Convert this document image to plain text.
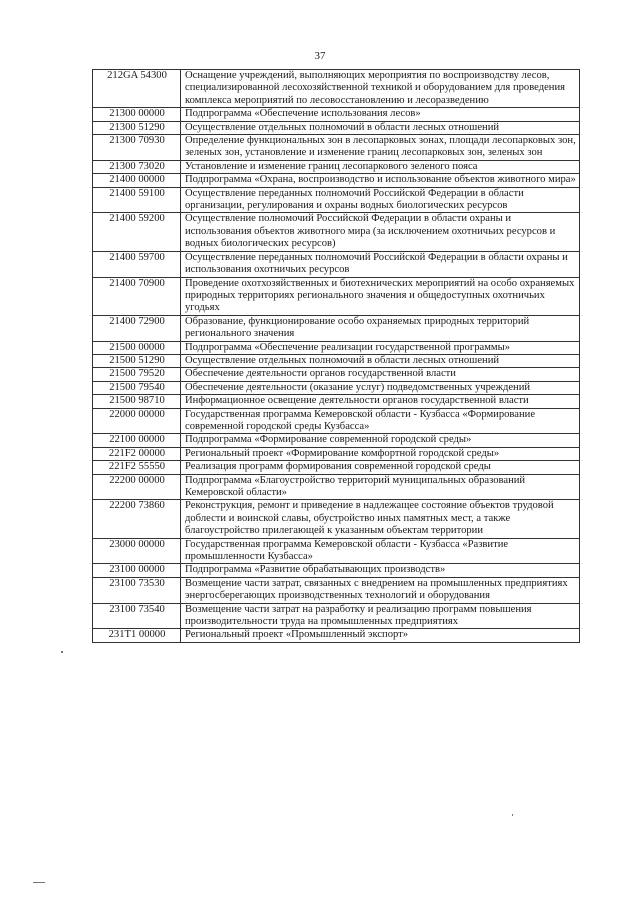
37
212GA 54300	Оснащение учреждений, выполняющих мероприятия по воспроизводству лесов, специализированной лесохозяйственной техникой и оборудованием для проведения комплекса мероприятий по лесовосстановлению и лесоразведению
21300 00000	Подпрограмма «Обеспечение использования лесов»
21300 51290	Осуществление отдельных полномочий в области лесных отношений
21300 70930	Определение функциональных зон в лесопарковых зонах, площади лесопарковых зон, зеленых зон, установление и изменение границ лесопарковых зон, зеленых зон
21300 73020	Установление и изменение границ лесопаркового зеленого пояса
21400 00000	Подпрограмма «Охрана, воспроизводство и использование объектов животного мира»
21400 59100	Осуществление переданных полномочий Российской Федерации в области организации, регулирования и охраны водных биологических ресурсов
21400 59200	Осуществление полномочий Российской Федерации в области охраны и использования объектов животного мира (за исключением охотничьих ресурсов и водных биологических ресурсов)
21400 59700	Осуществление переданных полномочий Российской Федерации в области охраны и использования охотничьих ресурсов
21400 70900	Проведение охотхозяйственных и биотехнических мероприятий на особо охраняемых природных территориях регионального значения и общедоступных охотничьих угодьях
21400 72900	Образование, функционирование особо охраняемых природных территорий регионального значения
21500 00000	Подпрограмма «Обеспечение реализации государственной программы»
21500 51290	Осуществление отдельных полномочий в области лесных отношений
21500 79520	Обеспечение деятельности органов государственной власти
21500 79540	Обеспечение деятельности (оказание услуг) подведомственных учреждений
21500 98710	Информационное освещение деятельности органов государственной власти
22000 00000	Государственная программа Кемеровской области - Кузбасса «Формирование современной городской среды Кузбасса»
22100 00000	Подпрограмма «Формирование современной городской среды»
221F2 00000	Региональный проект «Формирование комфортной городской среды»
221F2 55550	Реализация программ формирования современной городской среды
22200 00000	Подпрограмма «Благоустройство территорий муниципальных образований Кемеровской области»
22200 73860	Реконструкция, ремонт и приведение в надлежащее состояние объектов трудовой доблести и воинской славы, обустройство иных памятных мест, а также благоустройство прилегающей к указанным объектам территории
23000 00000	Государственная программа Кемеровской области - Кузбасса «Развитие промышленности Кузбасса»
23100 00000	Подпрограмма «Развитие обрабатывающих производств»
23100 73530	Возмещение части затрат, связанных с внедрением на промышленных предприятиях энергосберегающих производственных технологий и оборудования
23100 73540	Возмещение части затрат на разработку и реализацию программ повышения производительности труда на промышленных предприятиях
231T1 00000	Региональный проект «Промышленный экспорт»
